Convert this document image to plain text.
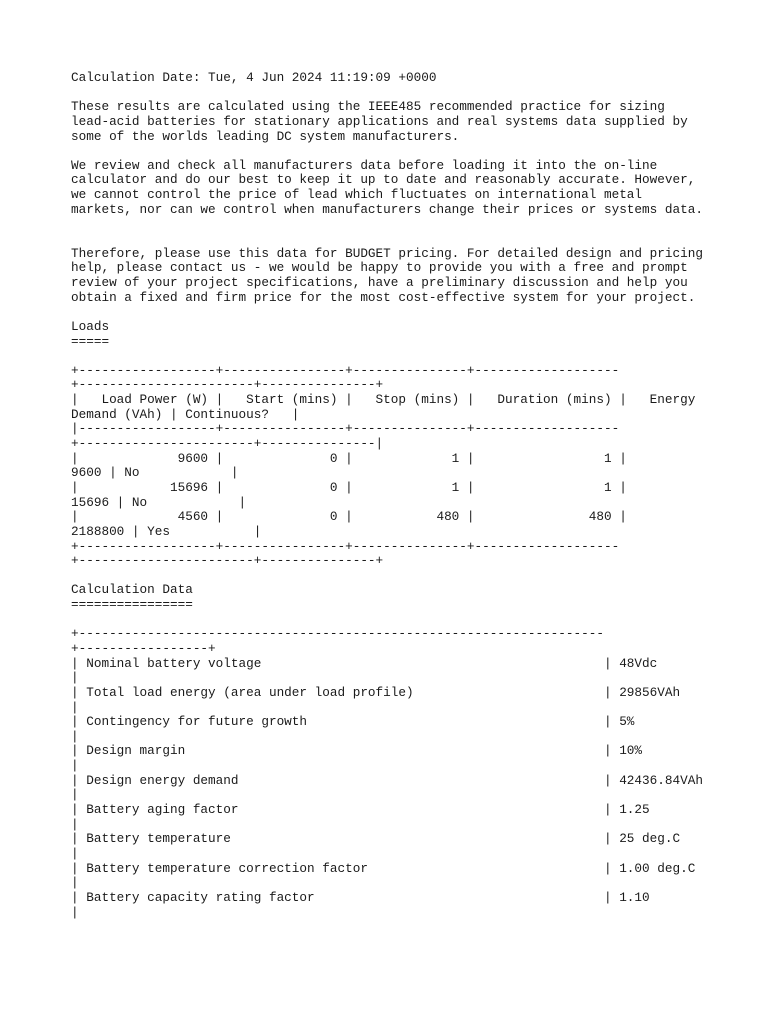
Calculation Date: Tue, 4 Jun 2024 11:19:09 +0000
These results are calculated using the IEEE485 recommended practice for sizing
lead-acid batteries for stationary applications and real systems data supplied by
some of the worlds leading DC system manufacturers.
We review and check all manufacturers data before loading it into the on-line
calculator and do our best to keep it up to date and reasonably accurate. However,
we cannot control the price of lead which fluctuates on international metal
markets, nor can we control when manufacturers change their prices or systems data.
Therefore, please use this data for BUDGET pricing. For detailed design and pricing
help, please contact us - we would be happy to provide you with a free and prompt
review of your project specifications, have a preliminary discussion and help you
obtain a fixed and firm price for the most cost-effective system for your project.
Loads
=====
+------------------+----------------+---------------+-------------------
+-----------------------+---------------+
|   Load Power (W) |   Start (mins) |   Stop (mins) |   Duration (mins) |   Energy
Demand (VAh) | Continuous?   |
|------------------+----------------+---------------+-------------------
+-----------------------+---------------|
|             9600 |              0 |             1 |                 1 |
9600 | No            |
|            15696 |              0 |             1 |                 1 |
15696 | No            |
|             4560 |              0 |           480 |               480 |
2188800 | Yes           |
+------------------+----------------+---------------+-------------------
+-----------------------+---------------+
Calculation Data
================
+---------------------------------------------------------------------
+-----------------+
| Nominal battery voltage                                             | 48Vdc
|
| Total load energy (area under load profile)                         | 29856VAh
|
| Contingency for future growth                                       | 5%
|
| Design margin                                                       | 10%
|
| Design energy demand                                                | 42436.84VAh
|
| Battery aging factor                                                | 1.25
|
| Battery temperature                                                 | 25 deg.C
|
| Battery temperature correction factor                               | 1.00 deg.C
|
| Battery capacity rating factor                                      | 1.10
|
